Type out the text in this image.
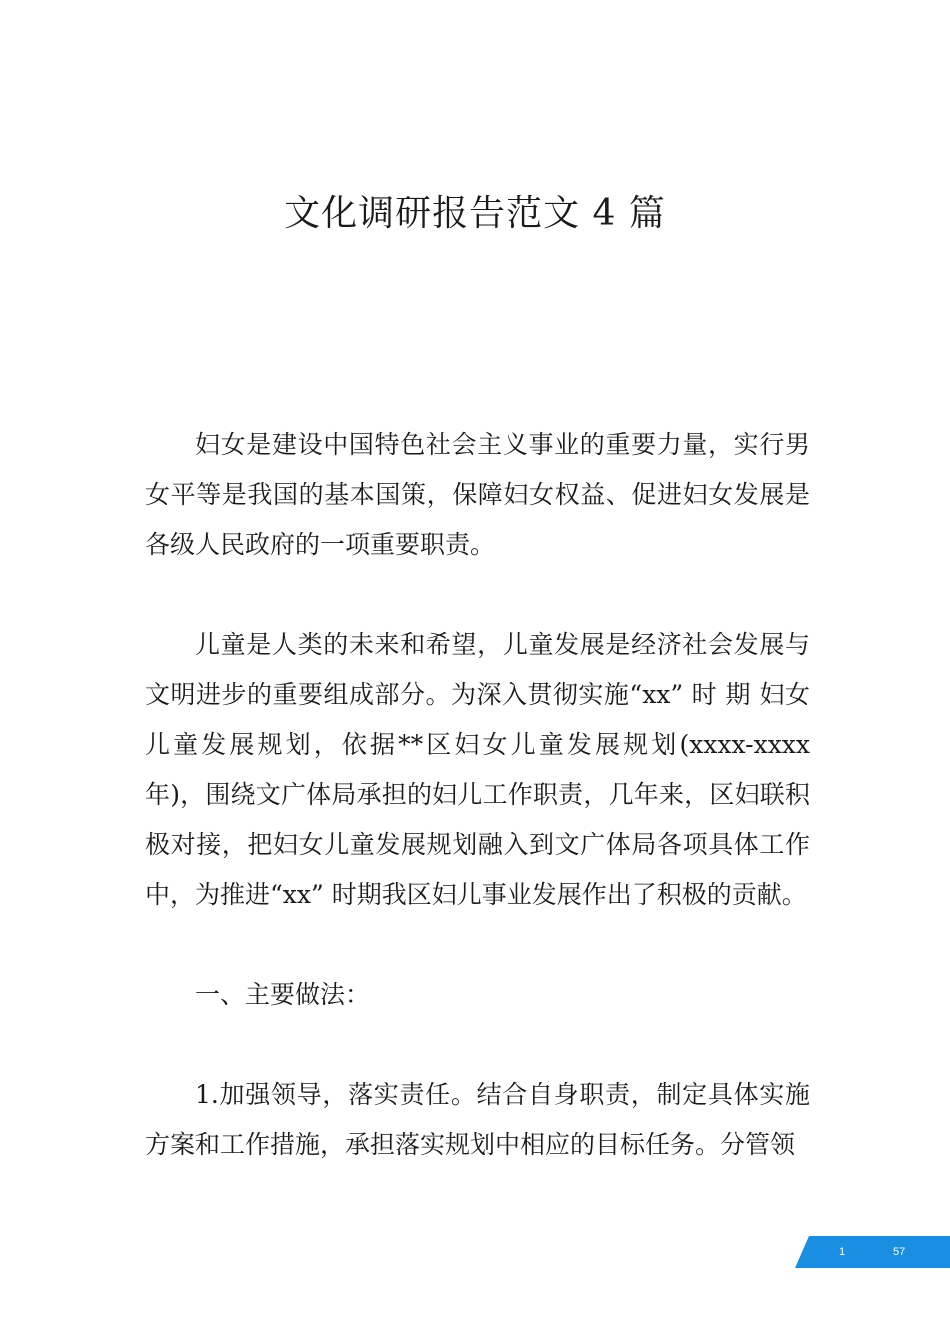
文化调研报告范文 4 篇

妇女是建设中国特色社会主义事业的重要力量，实行男女平等是我国的基本国策，保障妇女权益、促进妇女发展是各级人民政府的一项重要职责。

儿童是人类的未来和希望，儿童发展是经济社会发展与文明进步的重要组成部分。为深入贯彻实施“xx” 时 期 妇女儿童发展规划，依据**区妇女儿童发展规划(xxxx-xxxx年)，围绕文广体局承担的妇儿工作职责，几年来，区妇联积极对接，把妇女儿童发展规划融入到文广体局各项具体工作中，为推进“xx” 时期我区妇儿事业发展作出了积极的贡献。

一、主要做法：

1.加强领导，落实责任。结合自身职责，制定具体实施方案和工作措施，承担落实规划中相应的目标任务。分管领

1	57
